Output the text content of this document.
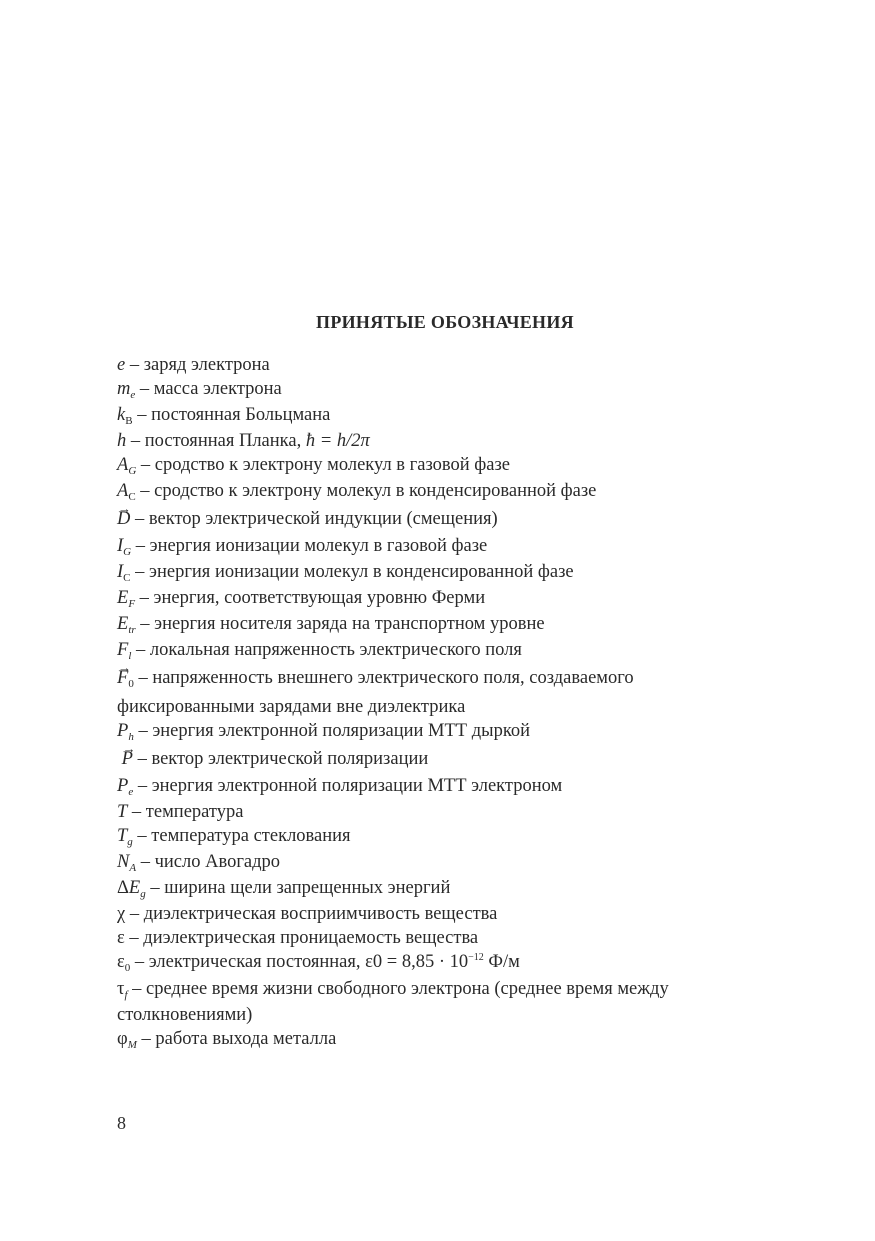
ПРИНЯТЫЕ ОБОЗНАЧЕНИЯ

e – заряд электрона

$m_e$ – масса электрона

$k_B$ – постоянная Больцмана

h – постоянная Планка, ħ = h/2π

$A_G$ – сродство к электрону молекул в газовой фазе

$A_C$ – сродство к электрону молекул в конденсированной фазе

→ D – вектор электрической индукции (смещения)

$I_G$ – энергия ионизации молекул в газовой фазе

$I_C$ – энергия ионизации молекул в конденсированной фазе

$E_F$ – энергия, соответствующая уровню Ферми

$E_{tr}$ – энергия носителя заряда на транспортном уровне

$F_l$ – локальная напряженность электрического поля

→ $F_0$ – напряженность внешнего электрического поля, создаваемого

фиксированными зарядами вне диэлектрика

$P_h$ – энергия электронной поляризации МТТ дыркой

→ P – вектор электрической поляризации

$P_e$ – энергия электронной поляризации МТТ электроном

T – температура

$T_g$ – температура стеклования

$N_A$ – число Авогадро

$\Delta E_g$ – ширина щели запрещенных энергий

χ – диэлектрическая восприимчивость вещества

ε – диэлектрическая проницаемость вещества

$\varepsilon_0$ – электрическая постоянная, $\varepsilon 0 = 8,85 \cdot 10^{-12}$ Ф/м

$\tau_f$ – среднее время жизни свободного электрона (среднее время между

столкновениями)

$\varphi_M$ – работа выхода металла

8
